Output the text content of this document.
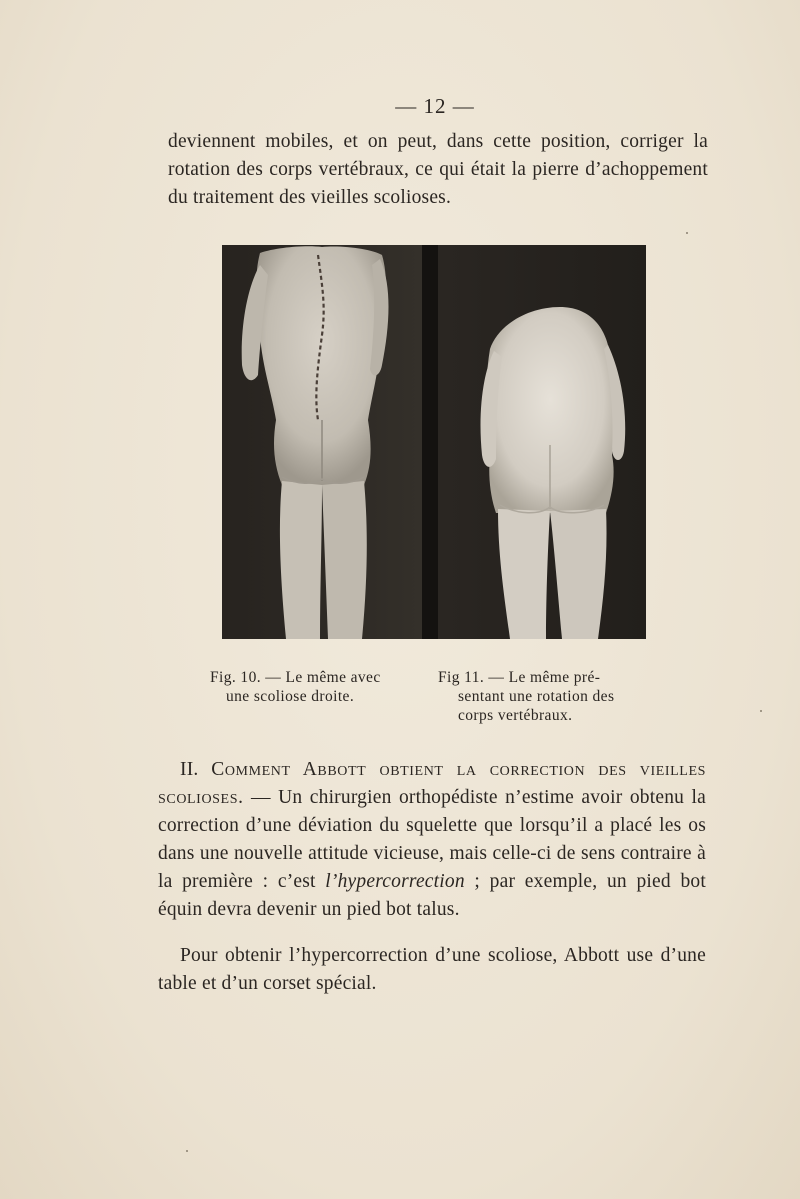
— 12 —

deviennent mobiles, et on peut, dans cette position, corriger la rotation des corps vertébraux, ce qui était la pierre d’achoppement du traitement des vieilles scolioses.

Fig. 10. — Le même avec
une scoliose droite.

Fig 11. — Le même pré-
sentant une rotation des
corps vertébraux.

II. Comment Abbott obtient la correction des vieilles scolioses. — Un chirurgien orthopédiste n’estime avoir obtenu la correction d’une déviation du squelette que lorsqu’il a placé les os dans une nouvelle attitude vicieuse, mais celle-ci de sens contraire à la première : c’est l’hypercorrection ; par exemple, un pied bot équin devra devenir un pied bot talus.

Pour obtenir l’hypercorrection d’une scoliose, Abbott use d’une table et d’un corset spécial.
